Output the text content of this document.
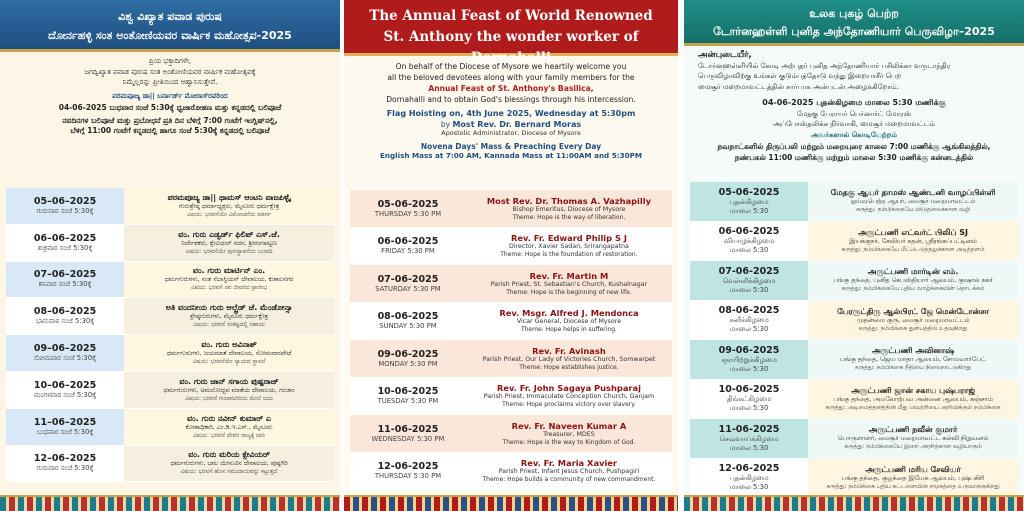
ವಿಶ್ವ ವಿಖ್ಯಾತ ಪವಾಡ ಪುರುಷ
ದೋರ್ನಹಳ್ಳಿ ಸಂತ ಅಂತೋಣಿಯವರ ವಾರ್ಷಿಕ ಮಹೋತ್ಸವ-2025
ಪ್ರಿಯ ಭಕ್ತಾದಿಗಳೇ,
ಜಗದ್ವಿಖ್ಯಾತ ಪವಾಡ ಪುರುಷ ಸಂತ ಅಂತೋಣಿಯವರ ವಾರ್ಷಿಕ ಮಹೋತ್ಸವಕ್ಕೆ
ನಿಮ್ಮೆಲ್ಲರನ್ನು ಪ್ರೀತಿಯಿಂದ ಆಹ್ವಾನಿಸುತ್ತೇವೆ.
ಪರಮಪೂಜ್ಯ ಡಾ|| ಬರ್ನಾರ್ಡ್ ಮೋರಾಸ್‌ರವರಿಂದ
04-06-2025 ಬುಧವಾರ ಸಂಜೆ 5:30ಕ್ಕೆ ಧ್ವಜಾರೋಹಣ ಮತ್ತು ಕನ್ನಡದಲ್ಲಿ ಬಲಿಪೂಜೆ
ನವದಿನಗಳ ಬಲಿಪೂಜೆ ಮತ್ತು ಪ್ರಬೋಧನೆ ಪ್ರತಿ ದಿನ ಬೆಳಿಗ್ಗೆ 7:00 ಗಂಟೆಗೆ ಇಂಗ್ಲಿಷ್‌ನಲ್ಲಿ,
ಬೆಳಿಗ್ಗೆ 11:00 ಗಂಟೆಗೆ ಕನ್ನಡದಲ್ಲಿ ಹಾಗೂ ಸಂಜೆ 5:30ಕ್ಕೆ ಕನ್ನಡದಲ್ಲಿ ಬಲಿಪೂಜೆ
05–06–2025
ಗುರುವಾರ ಸಂಜೆ 5:30ಕ್ಕೆ
ಪರಮಪೂಜ್ಯ ಡಾ|| ಥಾಮಸ್ ಆಂಟನಿ ವಾಜಪಿಳ್ಳೈ
ಗುರುಶ್ರೇಷ್ಠ ಧರ್ಮಾಧ್ಯಕ್ಷರು, ಮೈಸೂರು ಧರ್ಮಕ್ಷೇತ್ರ
ವಿಷಯ: ಭರವಸೆಯೇ ವಿಮೋಚನೆಯ ಮಾರ್ಗ
06–06–2025
ಶುಕ್ರವಾರ ಸಂಜೆ 5:30ಕ್ಕೆ
ವಂ. ಗುರು ಎಡ್ವರ್ಡ್ ಫಿಲಿಪ್ ಎಸ್.ಜೆ.
ನಿರ್ದೇಶಕರು, ಕ್ಸೇವಿಯರ್ ಸದನ, ಶ್ರೀರಂಗಪಟ್ಟಣ
ವಿಷಯ: ಭರವಸೆಯೇ ಪುನಃಸ್ಥಾಪನೆಯ ಬುನಾದಿ
07–06–2025
ಶನಿವಾರ ಸಂಜೆ 5:30ಕ್ಕೆ
ವಂ. ಗುರು ಮಾರ್ಟಿನ್ ಎಂ.
ಧರ್ಮಗುರುಗಳು, ಸಂತ ಸೆಬಾಸ್ಟಿಯನ್ ದೇವಾಲಯ, ಕುಶಾಲನಗರ
ವಿಷಯ: ಭರವಸೆ ನವ ಜೀವನದ ಪ್ರಾರಂಭ
08–06–2025
ಭಾನುವಾರ ಸಂಜೆ 5:30ಕ್ಕೆ
ಅತಿ ವಂದನೀಯ ಗುರು ಆಲ್ಫ್ರೆಡ್ ಜೆ. ಮೆಂಡೋನ್ಸಾ
ಶ್ರೇಷ್ಠಗುರುಗಳು, ಮೈಸೂರು ಧರ್ಮಕ್ಷೇತ್ರ
ವಿಷಯ: ಭರವಸೆ ಸಂಕಷ್ಟದಲ್ಲಿ ಸಹಾಯ
09–06–2025
ಸೋಮವಾರ ಸಂಜೆ 5:30ಕ್ಕೆ
ವಂ. ಗುರು ಅವಿನಾಶ್
ಧರ್ಮಗುರುಗಳು, ಜಯಮಾತೆ ದೇವಾಲಯ, ಸೋಮವಾರಪೇಟೆ
ವಿಷಯ: ಭರವಸೆಯೇ ನ್ಯಾಯದ ಸ್ಥಾಪನೆ
10–06–2025
ಮಂಗಳವಾರ ಸಂಜೆ 5:30ಕ್ಕೆ
ವಂ. ಗುರು ಜಾನ್ ಸಗಾಯ ಪುಷ್ಪರಾಜ್
ಧರ್ಮಗುರುಗಳು, ಅಮಲೋದ್ಭವ ಮಾತೆಯ ದೇವಾಲಯ, ಗಂಜಾಂ
ವಿಷಯ: ಭರವಸೆ ಗುಲಾಮಗಿರಿಯ ಮೇಲೆ ಜಯ
11–06–2025
ಬುಧವಾರ ಸಂಜೆ 5:30ಕ್ಕೆ
ವಂ. ಗುರು ನವೀನ್ ಕುಮಾರ್ ಎ
ಕೋಶಾಧಿಕಾರಿ, ಎಂ.ಡಿ.ಇ.ಎಸ್., ಮೈಸೂರು
ವಿಷಯ: ಭರವಸೆ ದೇವರ ರಾಜ್ಯಕ್ಕೆ ದಾರಿ
12–06–2025
ಗುರುವಾರ ಸಂಜೆ 5:30ಕ್ಕೆ
ವಂ. ಗುರು ಮರಿಯ ಕ್ಸೇವಿಯರ್
ಧರ್ಮಗುರುಗಳು, ಬಾಲ ಯೇಸುವಿನ ದೇವಾಲಯ, ಪುಷ್ಪಗಿರಿ
ವಿಷಯ: ಭರವಸೆ ಹೊಸ ಸಮುದಾಯವನ್ನು ಕಟ್ಟುತ್ತದೆ
The Annual Feast of World Renowned
St. Anthony the wonder worker of Dornahalli
On behalf of the Diocese of Mysore we heartily welcome you
all the beloved devotees along with your family members for the
Annual Feast of St. Anthony's Basilica,
Dornahalli and to obtain God's blessings through his intercession.
Flag Hoisting on, 4th June 2025, Wednesday at 5:30pm
by Most Rev. Dr. Bernard Moras
Apostolic Administrator, Diocese of Mysore
Novena Days' Mass & Preaching Every Day
English Mass at 7:00 AM, Kannada Mass at 11:00AM and 5:30PM
05-06-2025
THURSDAY 5:30 PM
Most Rev. Dr. Thomas A. Vazhapilly
Bishop Emeritus, Diocese of Mysore
Theme: Hope is the way of liberation.
06-06-2025
FRIDAY 5:30 PM
Rev. Fr. Edward Philip S J
Director, Xavier Sadan, Srirangapatna
Theme: Hope is the foundation of restoration.
07-06-2025
SATURDAY 5:30 PM
Rev. Fr. Martin M
Parish Priest, St. Sebastian's Church, Kushalnagar
Theme: Hope is the beginning of new life.
08-06-2025
SUNDAY 5:30 PM
Rev. Msgr. Alfred J. Mendonca
Vicar General, Diocese of Mysore
Theme: Hope helps in suffering.
09-06-2025
MONDAY 5:30 PM
Rev. Fr. Avinash
Parish Priest, Our Lady of Victories Church, Somwarpet
Theme: Hope establishes justice.
10-06-2025
TUESDAY 5:30 PM
Rev. Fr. John Sagaya Pushparaj
Parish Priest, Immaculate Conception Church, Ganjam
Theme: Hope proclaims victory over slavery.
11-06-2025
WEDNESDAY 5:30 PM
Rev. Fr. Naveen Kumar A
Treasurer, MDES
Theme: Hope is the way to Kingdom of God.
12-06-2025
THURSDAY 5:30 PM
Rev. Fr. Maria Xavier
Parish Priest, Infant Jesus Church, Pushpagiri
Theme: Hope builds a community of new commandment.
உலக புகழ் பெற்ற
டோர்னஹள்ளி புனித அந்தோணியார் பெருவிழா–2025
அன்புடையீர்,
டோர்னஹள்ளியில் கோடி அற்புதர் புனித அந்தோணியார் பசிலிக்கா வருடாந்திர
பெருவிழாவிற்கு உங்கள் குடும்பத்தோடு வந்து இறையாசீர் பெற
மைசூர் மறைமாவட்டத்தின் சார்பாக அன்புடன் அழைக்கிறோம்.
04-06-2025 புதன்கிழமை மாலை 5:30 மணிக்கு
மேதகு பேராயர் பெர்னார்ட் மோரஸ்
அப்போஸ்தலிக்க நிர்வாகி, மைசூர் மறைமாவட்டம்
அவர்களால் கொடியேற்றம்
நவநாட்களில் திருப்பலி மற்றும் மறையுரை காலை 7:00 மணிக்கு ஆங்கிலத்தில்,
நண்பகல் 11:00 மணிக்கு மற்றும் மாலை 5:30 மணிக்கு கன்னடத்தில்
05-06-2025
புதன்கிழமை
மாலை 5:30
மேதகு ஆயர் தாமஸ் ஆண்டனி வாழப்பிள்ளி
ஓய்வுபெற்ற ஆயர், மைசூர் மறைமாவட்டம்
கருத்து: நம்பிக்கையே விடுதலைக்கான வழி
06-06-2025
வியாழக்கிழமை
மாலை 5:30
அருட்பணி எட்வர்ட் பிலிப் SJ
இயக்குநர், சேவியர் சதன், ஸ்ரீரங்கப்பட்டினம்
கருத்து: நம்பிக்கையே மீட்டெடுத்தலுக்கான அடித்தளம்
07-06-2025
வெள்ளிக்கிழமை
மாலை 5:30
அருட்பணி மார்டின் எம்.
பங்கு தந்தை, புனித செபஸ்தியார் ஆலயம், குஷால் நகர்
கருத்து: நம்பிக்கையே புதிய வாழ்க்கையின் தொடக்கம்
08-06-2025
சனிக்கிழமை
மாலை 5:30
பேரருட்திரு ஆல்பிரட் ஜே மென்டோன்சா
முதன்மை குரு, மைசூர் மறைமாவட்டம்
கருத்து: நம்பிக்கை துன்பத்தில் உதவுகிறது
09-06-2025
ஞாயிற்றுக்கிழமை
மாலை 5:30
அருட்பணி அவினாஷ்
பங்கு தந்தை, ஜெய மாதா ஆலயம், சோமவார்பேட்
கருத்து: நம்பிக்கை நீதியை நிலைநாட்டுகிறது
10-06-2025
திங்கட்கிழமை
மாலை 5:30
அருட்பணி ஜான் சகாய புஷ்பராஜ்
பங்கு தந்தை, அமலோற்பவ அன்னை ஆலயம், கஞ்சாம்
கருத்து: அடிமைத்தனத்தின் மீது வெற்றியை அறிவிக்கும் நம்பிக்கை
11-06-2025
செவ்வாய்க்கிழமை
மாலை 5:30
அருட்பணி நவீன் குமார்
பொருளாளர், மைசூர் மறைமாவட்ட கல்வி நிறுவனம்
கருத்து: நம்பிக்கையே இறை அரசிற்கான வழியாகும்
12-06-2025
புதன்கிழமை
மாலை 5:30
அருட்பணி மரிய சேவியர்
பங்கு தந்தை, குழந்தை இயேசு ஆலயம், புஷ்பகிரி
கருத்து: நம்பிக்கை புதிய கட்டளையின் சமூகத்தை உருவாக்குகிறது
